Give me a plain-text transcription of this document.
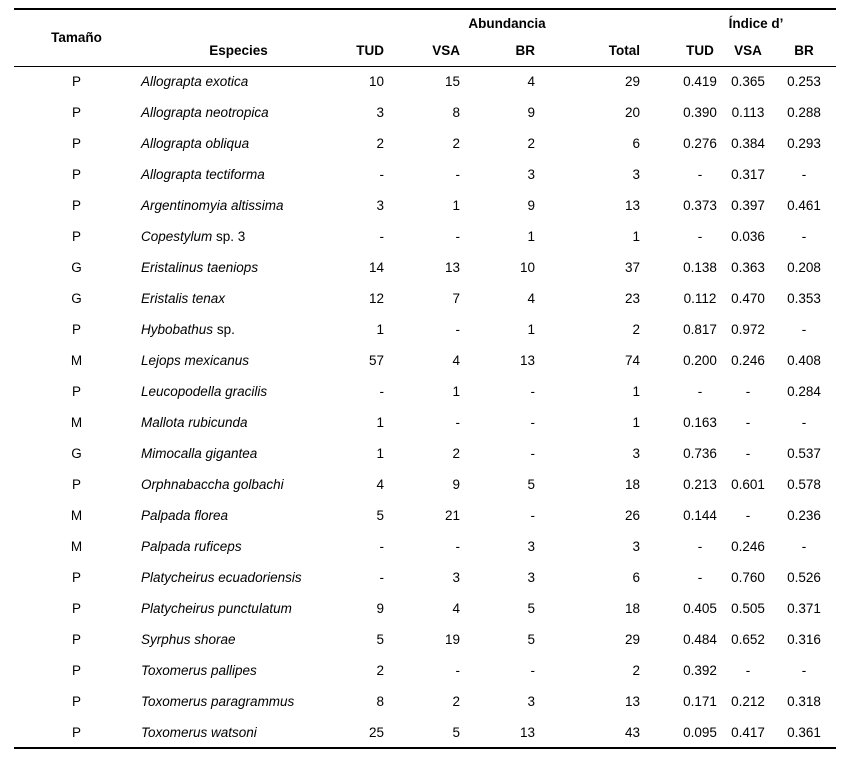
Tamaño		Abundancia				Índice d’		
	Especies	TUD	VSA	BR	Total	TUD	VSA	BR
P	Allograpta exotica	10	15	4	29	0.419	0.365	0.253
P	Allograpta neotropica	3	8	9	20	0.390	0.113	0.288
P	Allograpta obliqua	2	2	2	6	0.276	0.384	0.293
P	Allograpta tectiforma	-	-	3	3	-	0.317	-
P	Argentinomyia altissima	3	1	9	13	0.373	0.397	0.461
P	Copestylum sp. 3	-	-	1	1	-	0.036	-
G	Eristalinus taeniops	14	13	10	37	0.138	0.363	0.208
G	Eristalis tenax	12	7	4	23	0.112	0.470	0.353
P	Hybobathus sp.	1	-	1	2	0.817	0.972	-
M	Lejops mexicanus	57	4	13	74	0.200	0.246	0.408
P	Leucopodella gracilis	-	1	-	1	-	-	0.284
M	Mallota rubicunda	1	-	-	1	0.163	-	-
G	Mimocalla gigantea	1	2	-	3	0.736	-	0.537
P	Orphnabaccha golbachi	4	9	5	18	0.213	0.601	0.578
M	Palpada florea	5	21	-	26	0.144	-	0.236
M	Palpada ruficeps	-	-	3	3	-	0.246	-
P	Platycheirus ecuadoriensis	-	3	3	6	-	0.760	0.526
P	Platycheirus punctulatum	9	4	5	18	0.405	0.505	0.371
P	Syrphus shorae	5	19	5	29	0.484	0.652	0.316
P	Toxomerus pallipes	2	-	-	2	0.392	-	-
P	Toxomerus paragrammus	8	2	3	13	0.171	0.212	0.318
P	Toxomerus watsoni	25	5	13	43	0.095	0.417	0.361
